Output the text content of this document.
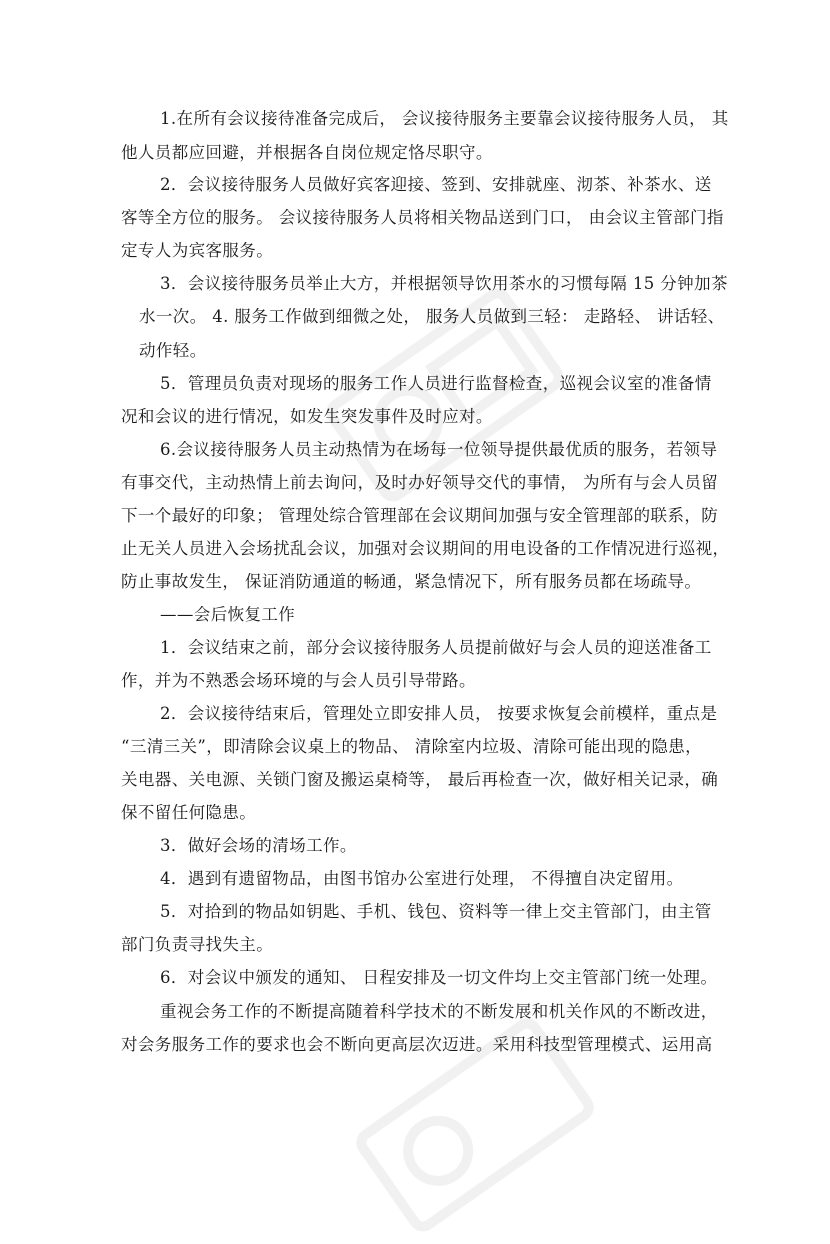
1.在所有会议接待准备完成后， 会议接待服务主要靠会议接待服务人员， 其
他人员都应回避，并根据各自岗位规定恪尽职守。
2．会议接待服务人员做好宾客迎接、签到、安排就座、沏茶、补茶水、送
客等全方位的服务。 会议接待服务人员将相关物品送到门口， 由会议主管部门指
定专人为宾客服务。
3．会议接待服务员举止大方，并根据领导饮用茶水的习惯每隔 15 分钟加茶
水一次。 4. 服务工作做到细微之处， 服务人员做到三轻： 走路轻、 讲话轻、
动作轻。
5．管理员负责对现场的服务工作人员进行监督检查，巡视会议室的准备情
况和会议的进行情况，如发生突发事件及时应对。
6.会议接待服务人员主动热情为在场每一位领导提供最优质的服务，若领导
有事交代，主动热情上前去询问，及时办好领导交代的事情， 为所有与会人员留
下一个最好的印象； 管理处综合管理部在会议期间加强与安全管理部的联系，防
止无关人员进入会场扰乱会议，加强对会议期间的用电设备的工作情况进行巡视，
防止事故发生， 保证消防通道的畅通，紧急情况下，所有服务员都在场疏导。
——会后恢复工作
1．会议结束之前，部分会议接待服务人员提前做好与会人员的迎送准备工
作，并为不熟悉会场环境的与会人员引导带路。
2．会议接待结束后，管理处立即安排人员， 按要求恢复会前模样，重点是
“三清三关”，即清除会议桌上的物品、 清除室内垃圾、清除可能出现的隐患，
关电器、关电源、关锁门窗及搬运桌椅等， 最后再检查一次，做好相关记录，确
保不留任何隐患。
3．做好会场的清场工作。
4．遇到有遗留物品，由图书馆办公室进行处理， 不得擅自决定留用。
5．对拾到的物品如钥匙、手机、钱包、资料等一律上交主管部门，由主管
部门负责寻找失主。
6．对会议中颁发的通知、 日程安排及一切文件均上交主管部门统一处理。
重视会务工作的不断提高随着科学技术的不断发展和机关作风的不断改进，
对会务服务工作的要求也会不断向更高层次迈进。采用科技型管理模式、运用高
